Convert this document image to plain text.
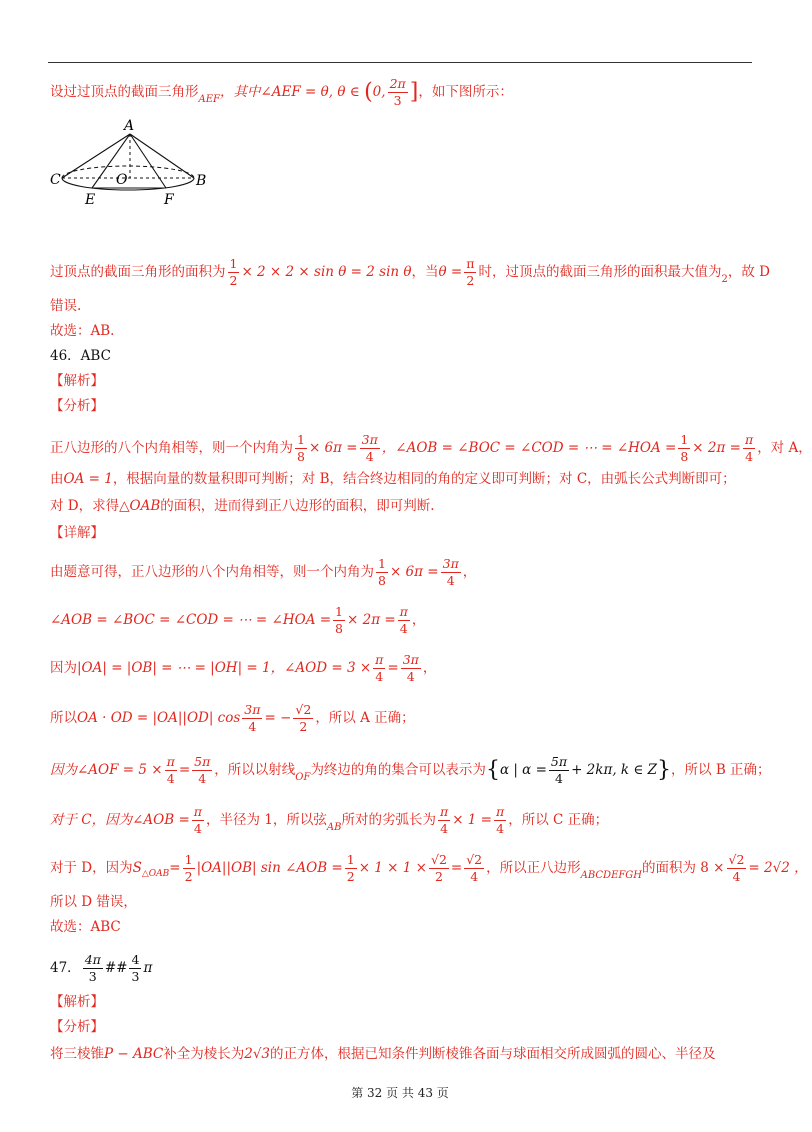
设过过顶点的截面三角形$_{AEF}$，其中∠AEF = θ, θ ∈ (0, $\frac{2\pi}{3}$ ]，如下图所示：
A
C	B
O
E	F
过顶点的截面三角形的面积为 $\frac{1}{2} \times 2 \times 2 \times \sin \theta = 2$ sin θ，当$\theta = \frac{\pi}{2}$ 时，过顶点的截面三角形的面积最大值为$_2$，故 D
错误.
故选：AB.
46．ABC
【解析】
【分析】
正八边形的八个内角相等，则一个内角为 $\frac{1}{8} \times 6\pi = \frac{3\pi}{4}$ ，∠AOB = ∠BOC = ∠COD = ⋯ = ∠HOA = $\frac{1}{8} \times 2\pi = \frac{\pi}{4}$ ，对 A，
由OA = 1，根据向量的数量积即可判断；对 B，结合终边相同的角的定义即可判断；对 C，由弧长公式判断即可；
对 D，求得△OAB的面积，进而得到正八边形的面积，即可判断.
【详解】
由题意可得，正八边形的八个内角相等，则一个内角为 $\frac{1}{8} \times 6\pi = \frac{3\pi}{4}$ ，
∠AOB = ∠BOC = ∠COD = ⋯ = ∠HOA = $\frac{1}{8} \times 2\pi = \frac{\pi}{4}$ ，
因为|OA| = |OB| = ⋯ = |OH| = 1，∠AOD = $3 \times \frac{\pi}{4} = \frac{3\pi}{4}$ ，
所以OA · OD = |OA||OD| $\cos \frac{3\pi}{4}$ = − $\frac{√2}{2}$ ，所以 A 正确；
因为∠AOF = $5 \times \frac{\pi}{4} = \frac{5\pi}{4}$ ，所以以射线$_{OF}$为终边的角的集合可以表示为{α | $\alpha = \frac{5\pi}{4} + 2k\pi$, k ∈ Z}，所以 B 正确；
对于 C，因为∠AOB = $\frac{\pi}{4}$ ，半径为 1，所以弦$_{AB}$所对的劣弧长为 $\frac{\pi}{4} \times 1 = \frac{\pi}{4}$ ，所以 C 正确；
对于 D，因为$S_{\triangle OAB}= \frac{1}{2} |OA||OB|$ sin ∠AOB = $\frac{1}{2} \times 1 \times 1 \times \frac{√2}{2} = \frac{√2}{4}$ ，所以正八边形$_{ABCDEFGH}$的面积为 $8 \times \frac{√2}{4} = 2√2$ ，
所以 D 错误，
故选：ABC
47． $\frac{4\pi}{3}$ ## $\frac{4}{3}$ π
【解析】
【分析】
将三棱锥P − ABC补全为棱长为2√3的正方体，根据已知条件判断棱锥各面与球面相交所成圆弧的圆心、半径及
第 32 页 共 43 页
